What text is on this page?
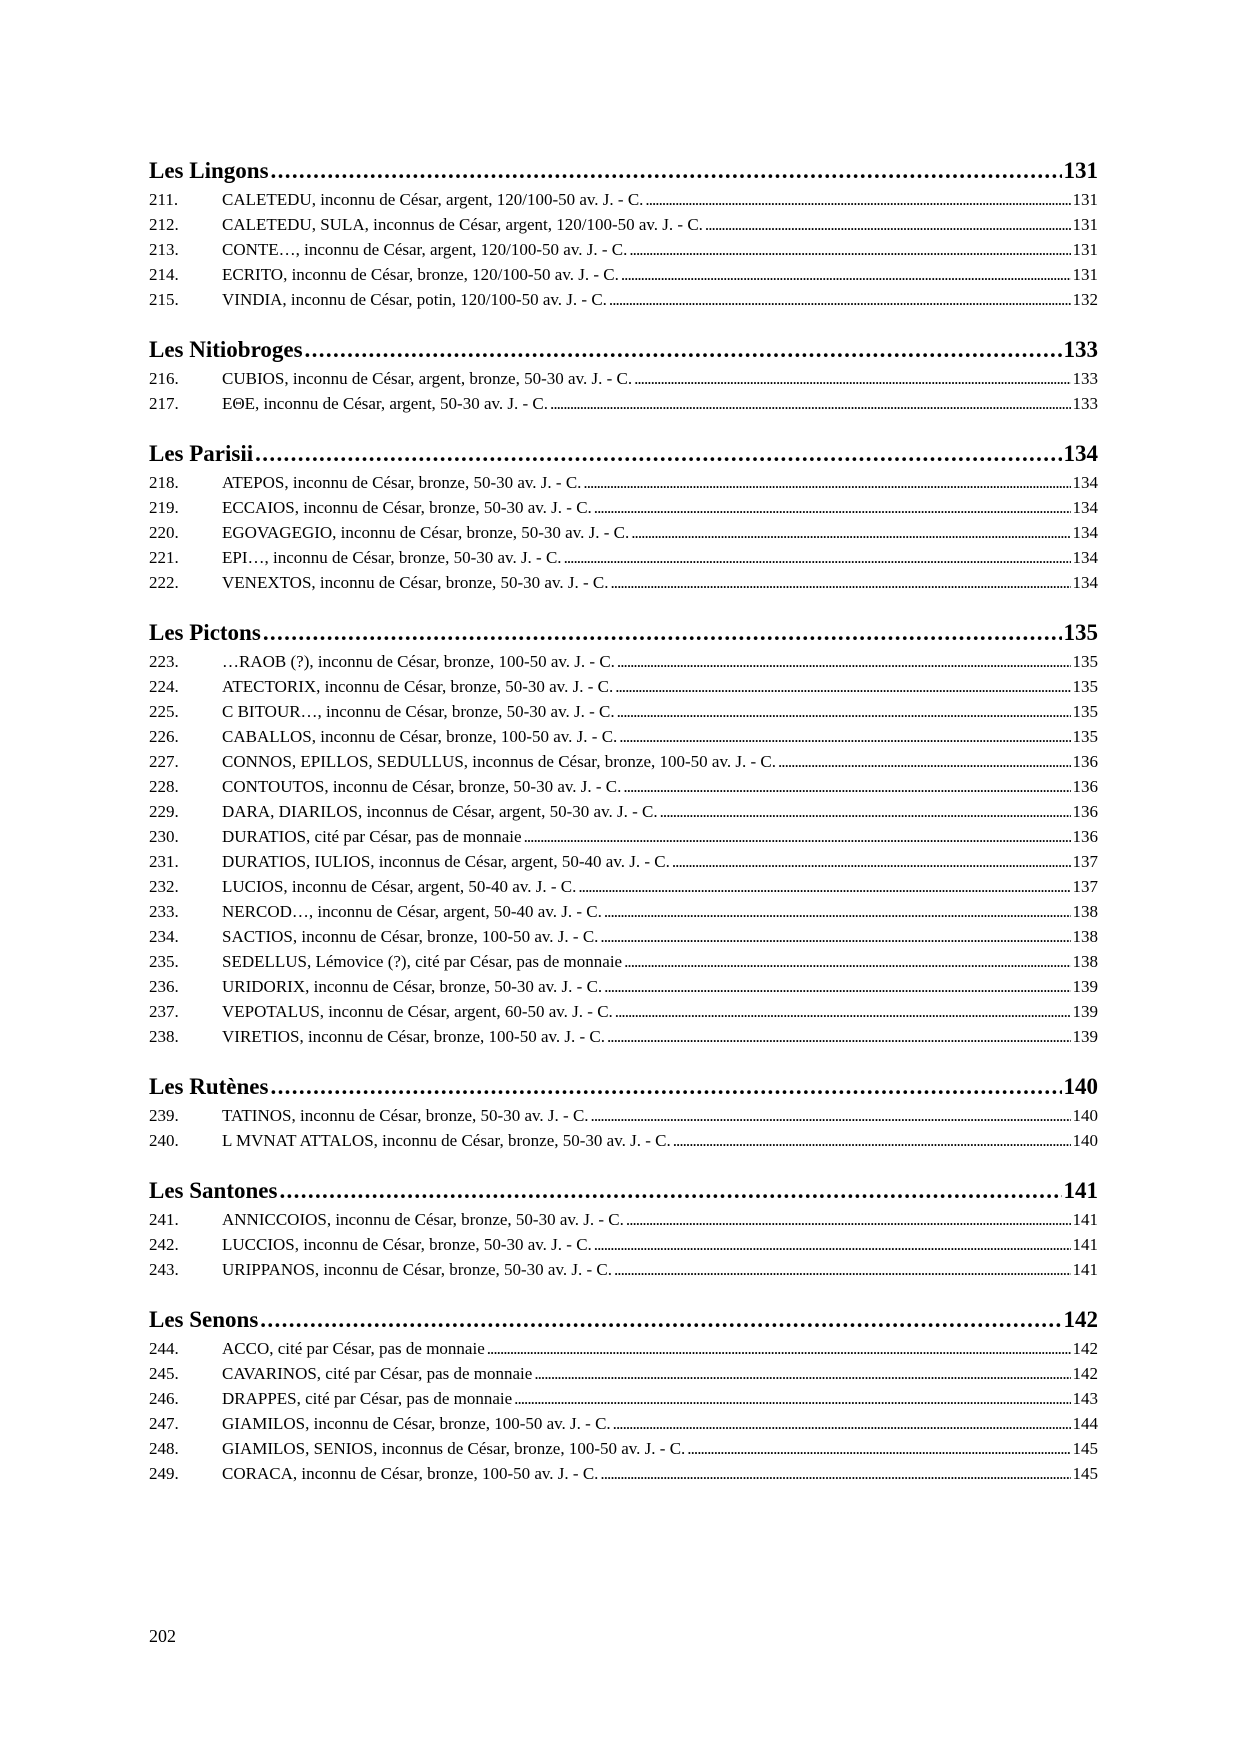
Les Lingons . . .	131
211.	CALETEDU, inconnu de César, argent, 120/100-50 av. J. - C. . . .	131
212.	CALETEDU, SULA, inconnus de César, argent, 120/100-50 av. J. - C. . . .	131
213.	CONTE…, inconnu de César, argent, 120/100-50 av. J. - C. . . .	131
214.	ECRITO, inconnu de César, bronze, 120/100-50 av. J. - C. . . .	131
215.	VINDIA, inconnu de César, potin, 120/100-50 av. J. - C. . . .	132
Les Nitiobroges . . .	133
216.	CUBIOS, inconnu de César, argent, bronze, 50-30 av. J. - C. . . .	133
217.	EΘE, inconnu de César, argent, 50-30 av. J. - C. . . .	133
Les Parisii . . .	134
218.	ATEPOS, inconnu de César, bronze, 50-30 av. J. - C. . . .	134
219.	ECCAIOS, inconnu de César, bronze, 50-30 av. J. - C. . . .	134
220.	EGOVAGEGIO, inconnu de César, bronze, 50-30 av. J. - C. . . .	134
221.	EPI…, inconnu de César, bronze, 50-30 av. J. - C. . . .	134
222.	VENEXTOS, inconnu de César, bronze, 50-30 av. J. - C. . . .	134
Les Pictons . . .	135
223.	…RAOB (?), inconnu de César, bronze, 100-50 av. J. - C. . . .	135
224.	ATECTORIX, inconnu de César, bronze, 50-30 av. J. - C. . . .	135
225.	C BITOUR…, inconnu de César, bronze, 50-30 av. J. - C. . . .	135
226.	CABALLOS, inconnu de César, bronze, 100-50 av. J. - C. . . .	135
227.	CONNOS, EPILLOS, SEDULLUS, inconnus de César, bronze, 100-50 av. J. - C. . . .	136
228.	CONTOUTOS, inconnu de César, bronze, 50-30 av. J. - C. . . .	136
229.	DARA, DIARILOS, inconnus de César, argent, 50-30 av. J. - C. . . .	136
230.	DURATIOS, cité par César, pas de monnaie . . .	136
231.	DURATIOS, IULIOS, inconnus de César, argent, 50-40 av. J. - C. . . .	137
232.	LUCIOS, inconnu de César, argent, 50-40 av. J. - C. . . .	137
233.	NERCOD…, inconnu de César, argent, 50-40 av. J. - C. . . .	138
234.	SACTIOS, inconnu de César, bronze, 100-50 av. J. - C. . . .	138
235.	SEDELLUS, Lémovice (?), cité par César, pas de monnaie . . .	138
236.	URIDORIX, inconnu de César, bronze, 50-30 av. J. - C. . . .	139
237.	VEPOTALUS, inconnu de César, argent, 60-50 av. J. - C. . . .	139
238.	VIRETIOS, inconnu de César, bronze, 100-50 av. J. - C. . . .	139
Les Rutènes . . .	140
239.	TATINOS, inconnu de César, bronze, 50-30 av. J. - C. . . .	140
240.	L MVNAT ATTALOS, inconnu de César, bronze, 50-30 av. J. - C. . . .	140
Les Santones . . .	141
241.	ANNICCOIOS, inconnu de César, bronze, 50-30 av. J. - C. . . .	141
242.	LUCCIOS, inconnu de César, bronze, 50-30 av. J. - C. . . .	141
243.	URIPPANOS, inconnu de César, bronze, 50-30 av. J. - C. . . .	141
Les Senons . . .	142
244.	ACCO, cité par César, pas de monnaie . . .	142
245.	CAVARINOS, cité par César, pas de monnaie . . .	142
246.	DRAPPES, cité par César, pas de monnaie . . .	143
247.	GIAMILOS, inconnu de César, bronze, 100-50 av. J. - C. . . .	144
248.	GIAMILOS, SENIOS, inconnus de César, bronze, 100-50 av. J. - C. . . .	145
249.	CORACA, inconnu de César, bronze, 100-50 av. J. - C. . . .	145
202
